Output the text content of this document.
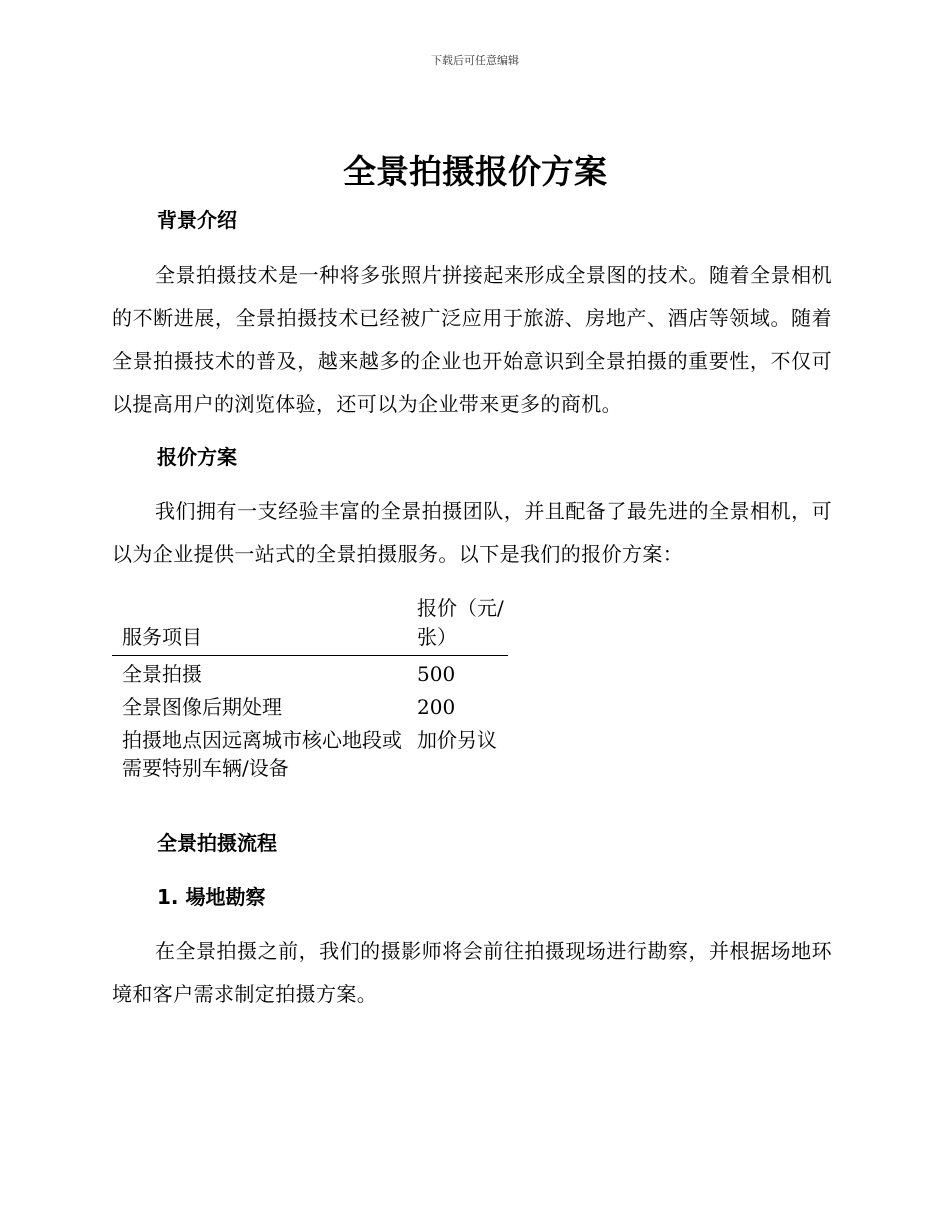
下载后可任意编辑
全景拍摄报价方案
背景介绍

全景拍摄技术是一种将多张照片拼接起来形成全景图的技术。随着全景相机的不断进展，全景拍摄技术已经被广泛应用于旅游、房地产、酒店等领域。随着全景拍摄技术的普及，越来越多的企业也开始意识到全景拍摄的重要性，不仅可以提高用户的浏览体验，还可以为企业带来更多的商机。

报价方案

我们拥有一支经验丰富的全景拍摄团队，并且配备了最先进的全景相机，可以为企业提供一站式的全景拍摄服务。以下是我们的报价方案：

服务项目	报价（元/张）
全景拍摄	500
全景图像后期处理	200
拍摄地点因远离城市核心地段或需要特别车辆/设备	加价另议
全景拍摄流程
1. 場地勘察

在全景拍摄之前，我们的摄影师将会前往拍摄现场进行勘察，并根据场地环境和客户需求制定拍摄方案。
